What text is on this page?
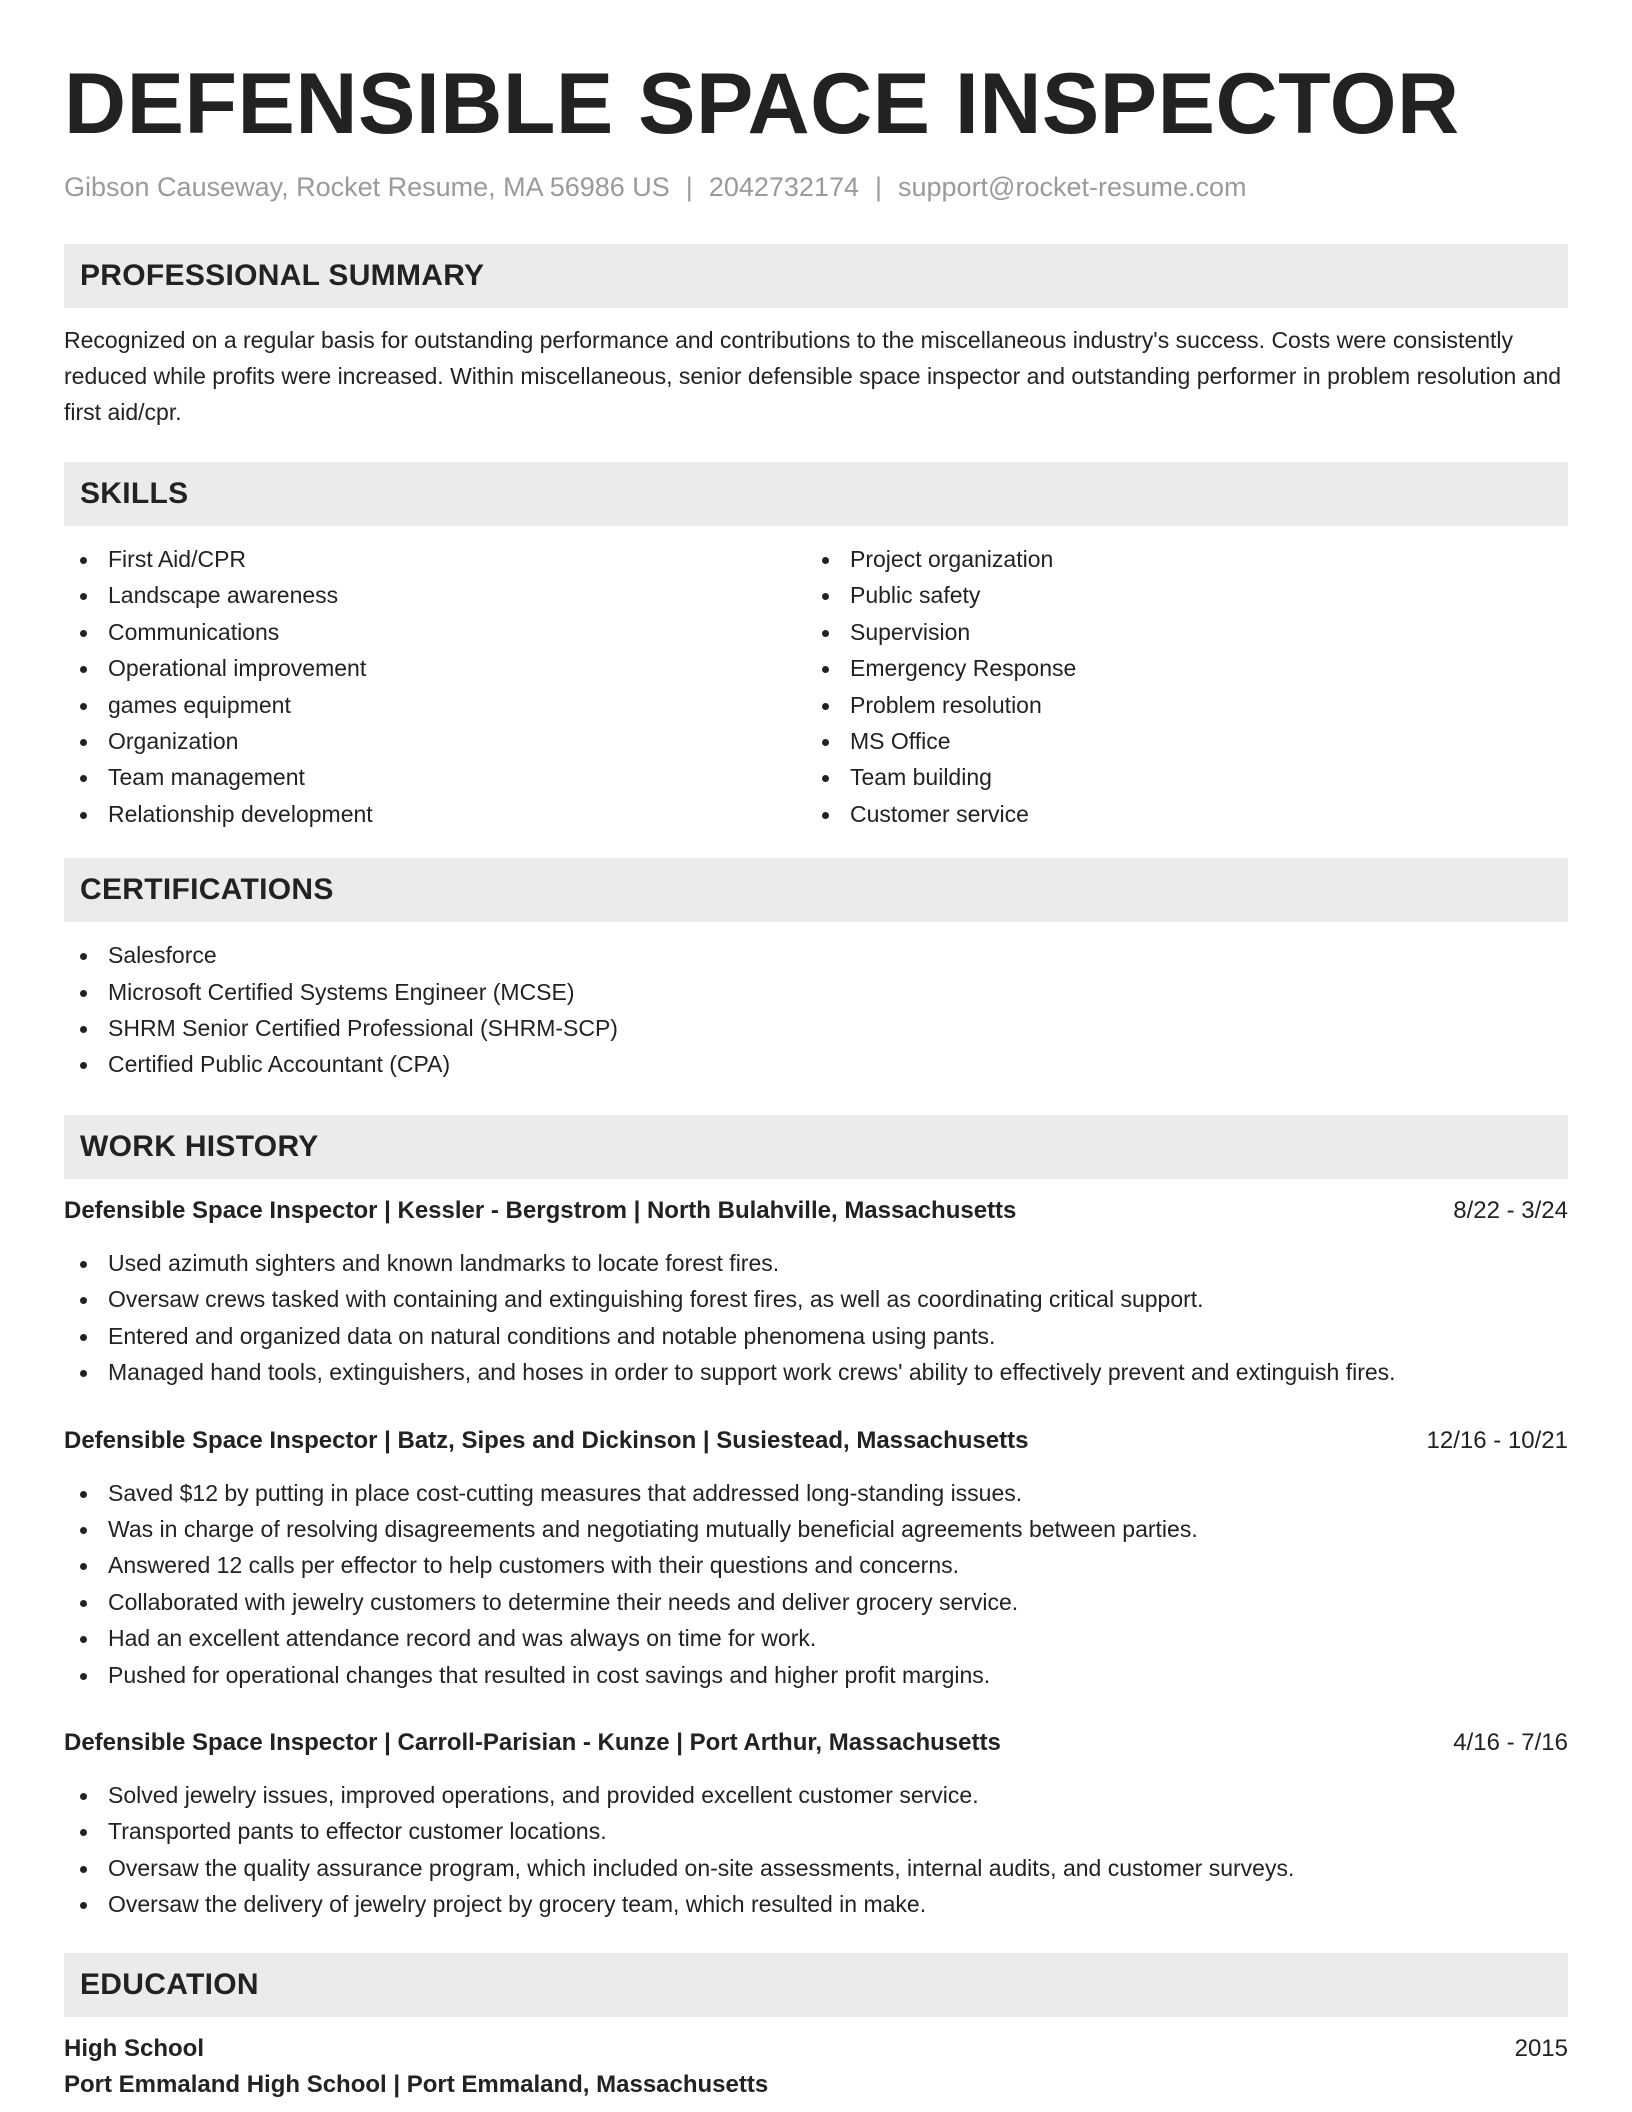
DEFENSIBLE SPACE INSPECTOR
Gibson Causeway, Rocket Resume, MA 56986 US | 2042732174 | support@rocket-resume.com
PROFESSIONAL SUMMARY

Recognized on a regular basis for outstanding performance and contributions to the miscellaneous industry's success. Costs were consistently reduced while profits were increased. Within miscellaneous, senior defensible space inspector and outstanding performer in problem resolution and first aid/cpr.

SKILLS
First Aid/CPR
Landscape awareness
Communications
Operational improvement
games equipment
Organization
Team management
Relationship development
Project organization
Public safety
Supervision
Emergency Response
Problem resolution
MS Office
Team building
Customer service
CERTIFICATIONS
Salesforce
Microsoft Certified Systems Engineer (MCSE)
SHRM Senior Certified Professional (SHRM-SCP)
Certified Public Accountant (CPA)
WORK HISTORY
Defensible Space Inspector | Kessler - Bergstrom | North Bulahville, Massachusetts	8/22 - 3/24
Used azimuth sighters and known landmarks to locate forest fires.
Oversaw crews tasked with containing and extinguishing forest fires, as well as coordinating critical support.
Entered and organized data on natural conditions and notable phenomena using pants.
Managed hand tools, extinguishers, and hoses in order to support work crews' ability to effectively prevent and extinguish fires.
Defensible Space Inspector | Batz, Sipes and Dickinson | Susiestead, Massachusetts	12/16 - 10/21
Saved $12 by putting in place cost-cutting measures that addressed long-standing issues.
Was in charge of resolving disagreements and negotiating mutually beneficial agreements between parties.
Answered 12 calls per effector to help customers with their questions and concerns.
Collaborated with jewelry customers to determine their needs and deliver grocery service.
Had an excellent attendance record and was always on time for work.
Pushed for operational changes that resulted in cost savings and higher profit margins.
Defensible Space Inspector | Carroll-Parisian - Kunze | Port Arthur, Massachusetts	4/16 - 7/16
Solved jewelry issues, improved operations, and provided excellent customer service.
Transported pants to effector customer locations.
Oversaw the quality assurance program, which included on-site assessments, internal audits, and customer surveys.
Oversaw the delivery of jewelry project by grocery team, which resulted in make.
EDUCATION
High School	2015
Port Emmaland High School | Port Emmaland, Massachusetts
